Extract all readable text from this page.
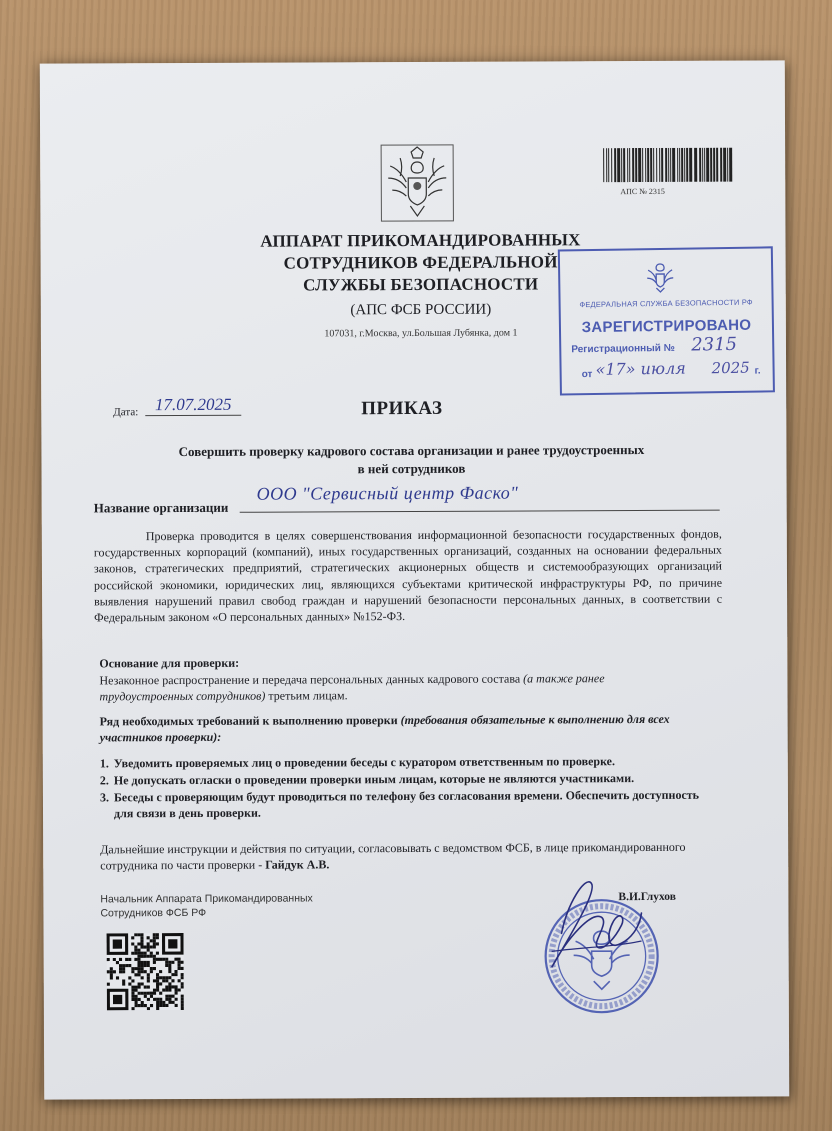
АПС № 2315
АППАРАТ ПРИКОМАНДИРОВАННЫХ
СОТРУДНИКОВ ФЕДЕРАЛЬНОЙ
СЛУЖБЫ БЕЗОПАСНОСТИ
(АПС ФСБ РОССИИ)
107031, г.Москва, ул.Большая Лубянка, дом 1
ФЕДЕРАЛЬНАЯ СЛУЖБА БЕЗОПАСНОСТИ РФ
ЗАРЕГИСТРИРОВАНО
Регистрационный № 2315
от «17» июля 2025 г.
Дата: 17.07.2025	ПРИКАЗ
Совершить проверку кадрового состава организации и ранее трудоустроенных
в ней сотрудников
Название организации
ООО "Сервисный центр Фаско"
Проверка проводится в целях совершенствования информационной безопасности государственных фондов, государственных корпораций (компаний), иных государственных организаций, созданных на основании федеральных законов, стратегических предприятий, стратегических акционерных обществ и системообразующих организаций российской экономики, юридических лиц, являющихся субъектами критической инфраструктуры РФ, по причине выявления нарушений правил свобод граждан и нарушений безопасности персональных данных, в соответствии с Федеральным законом «О персональных данных» №152-ФЗ.
Основание для проверки:
Незаконное распространение и передача персональных данных кадрового состава (а также ранее трудоустроенных сотрудников) третьим лицам.
Ряд необходимых требований к выполнению проверки (требования обязательные к выполнению для всех участников проверки):
1. Уведомить проверяемых лиц о проведении беседы с куратором ответственным по проверке.
2. Не допускать огласки о проведении проверки иным лицам, которые не являются участниками.
3. Беседы с проверяющим будут проводиться по телефону без согласования времени. Обеспечить доступность для связи в день проверки.
Дальнейшие инструкции и действия по ситуации, согласовывать с ведомством ФСБ, в лице прикомандированного сотрудника по части проверки - Гайдук А.В.
Начальник Аппарата Прикомандированных
Сотрудников ФСБ РФ
В.И.Глухов
